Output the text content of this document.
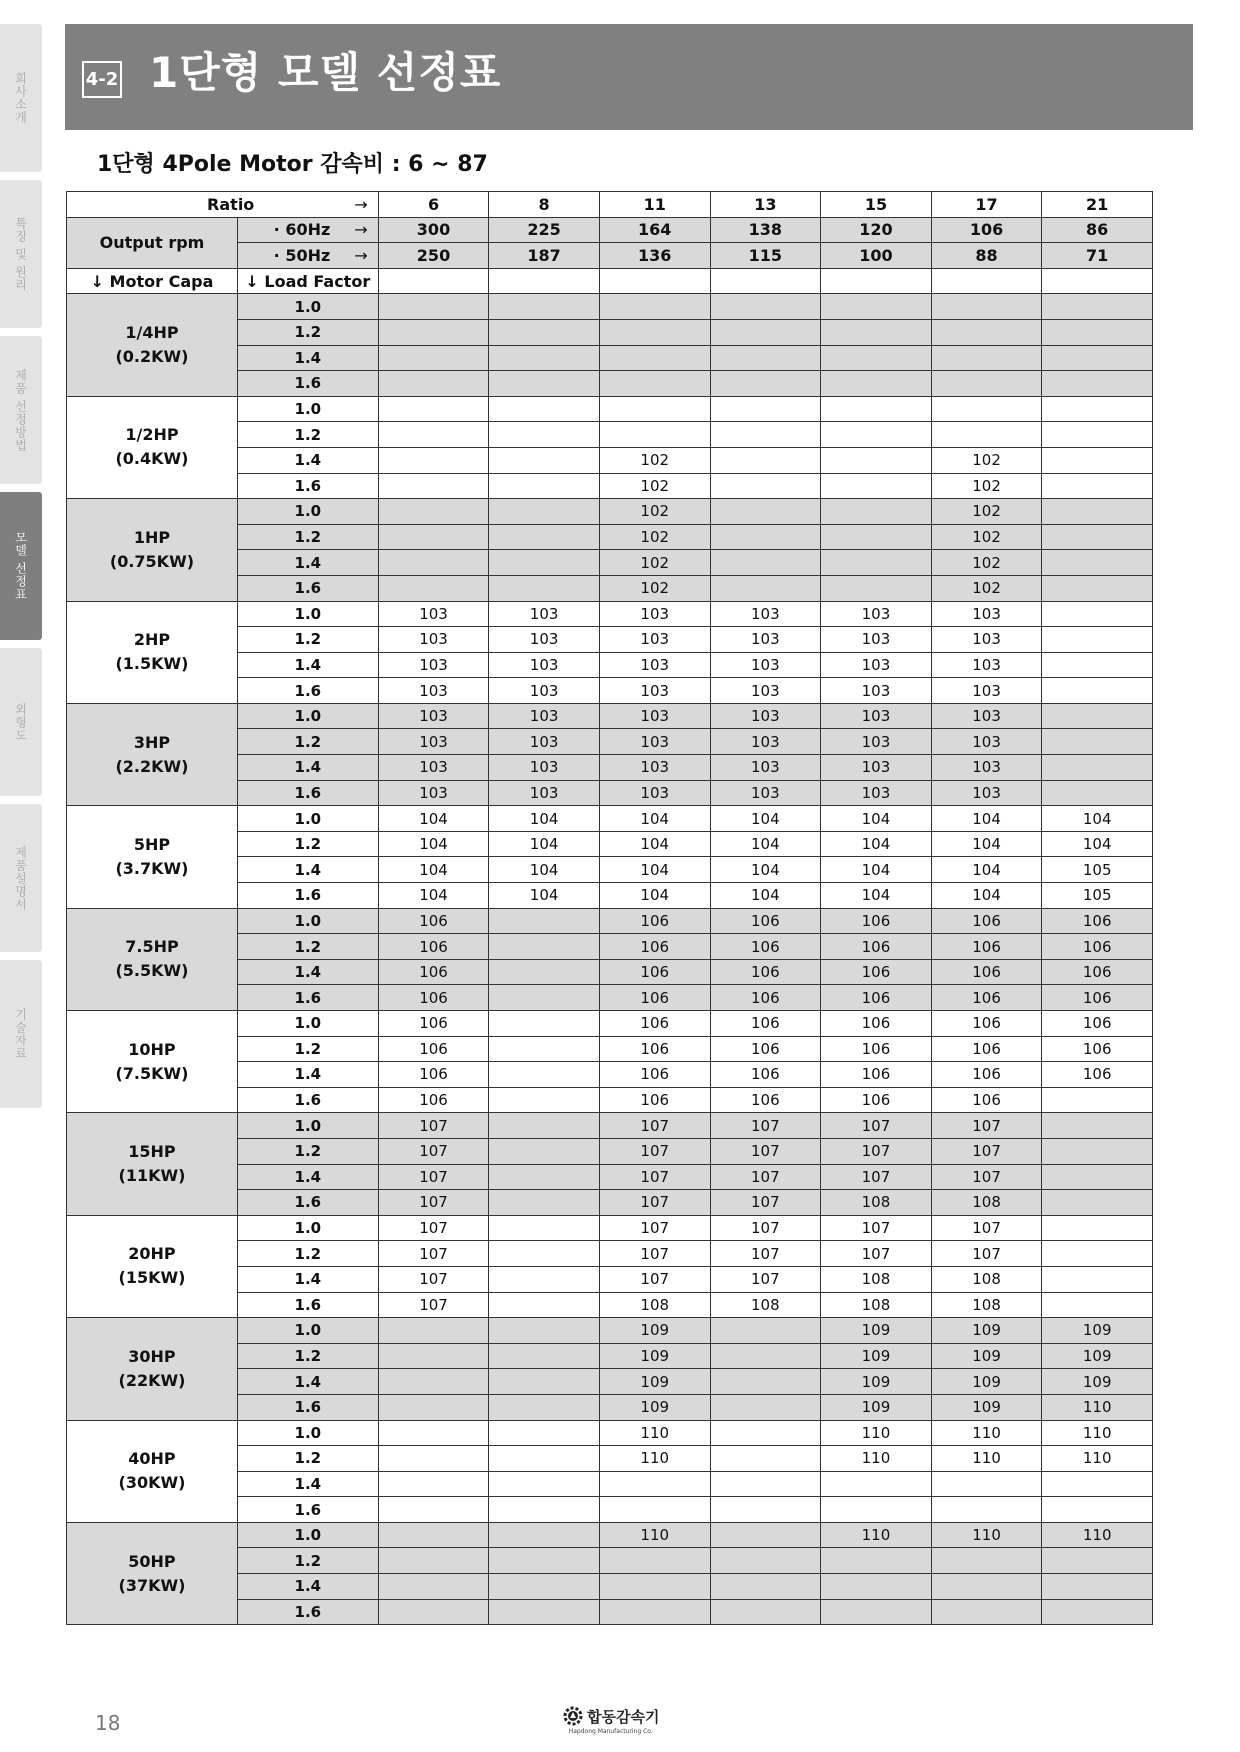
회사소개
특징 및 원리
제품 선정방법
모델 선정표
외형도
제품설명서
기술자료
4-2 1단형 모델 선정표
1단형 4Pole Motor 감속비 : 6 ~ 87
Ratio →		6	8	11	13	15	17	21
Output rpm	· 60Hz →	300	225	164	138	120	106	86

	· 50Hz →	250	187	136	115	100	88	71
↓ Motor Capa	↓ Load Factor							
1/4HP
(0.2KW)	1.0							
	1.2							
	1.4							
	1.6							
1/2HP
(0.4KW)	1.0							
	1.2							
	1.4			102			102	
	1.6			102			102	
1HP
(0.75KW)	1.0			102			102	
	1.2			102			102	
	1.4			102			102	
	1.6			102			102	
2HP
(1.5KW)	1.0	103	103	103	103	103	103	
	1.2	103	103	103	103	103	103	
	1.4	103	103	103	103	103	103	
	1.6	103	103	103	103	103	103	
3HP
(2.2KW)	1.0	103	103	103	103	103	103	
	1.2	103	103	103	103	103	103	
	1.4	103	103	103	103	103	103	
	1.6	103	103	103	103	103	103	
5HP
(3.7KW)	1.0	104	104	104	104	104	104	104
	1.2	104	104	104	104	104	104	104
	1.4	104	104	104	104	104	104	105
	1.6	104	104	104	104	104	104	105
7.5HP
(5.5KW)	1.0	106		106	106	106	106	106
	1.2	106		106	106	106	106	106
	1.4	106		106	106	106	106	106
	1.6	106		106	106	106	106	106
10HP
(7.5KW)	1.0	106		106	106	106	106	106
	1.2	106		106	106	106	106	106
	1.4	106		106	106	106	106	106
	1.6	106		106	106	106	106	
15HP
(11KW)	1.0	107		107	107	107	107	
	1.2	107		107	107	107	107	
	1.4	107		107	107	107	107	
	1.6	107		107	107	108	108	
20HP
(15KW)	1.0	107		107	107	107	107	
	1.2	107		107	107	107	107	
	1.4	107		107	107	108	108	
	1.6	107		108	108	108	108	
30HP
(22KW)	1.0			109		109	109	109
	1.2			109		109	109	109
	1.4			109		109	109	109
	1.6			109		109	109	110
40HP
(30KW)	1.0			110		110	110	110
	1.2			110		110	110	110
	1.4							
	1.6							
50HP
(37KW)	1.0			110		110	110	110
	1.2							
	1.4							
	1.6							
18	합동감속기
Hapdong Manufacturing Co.
